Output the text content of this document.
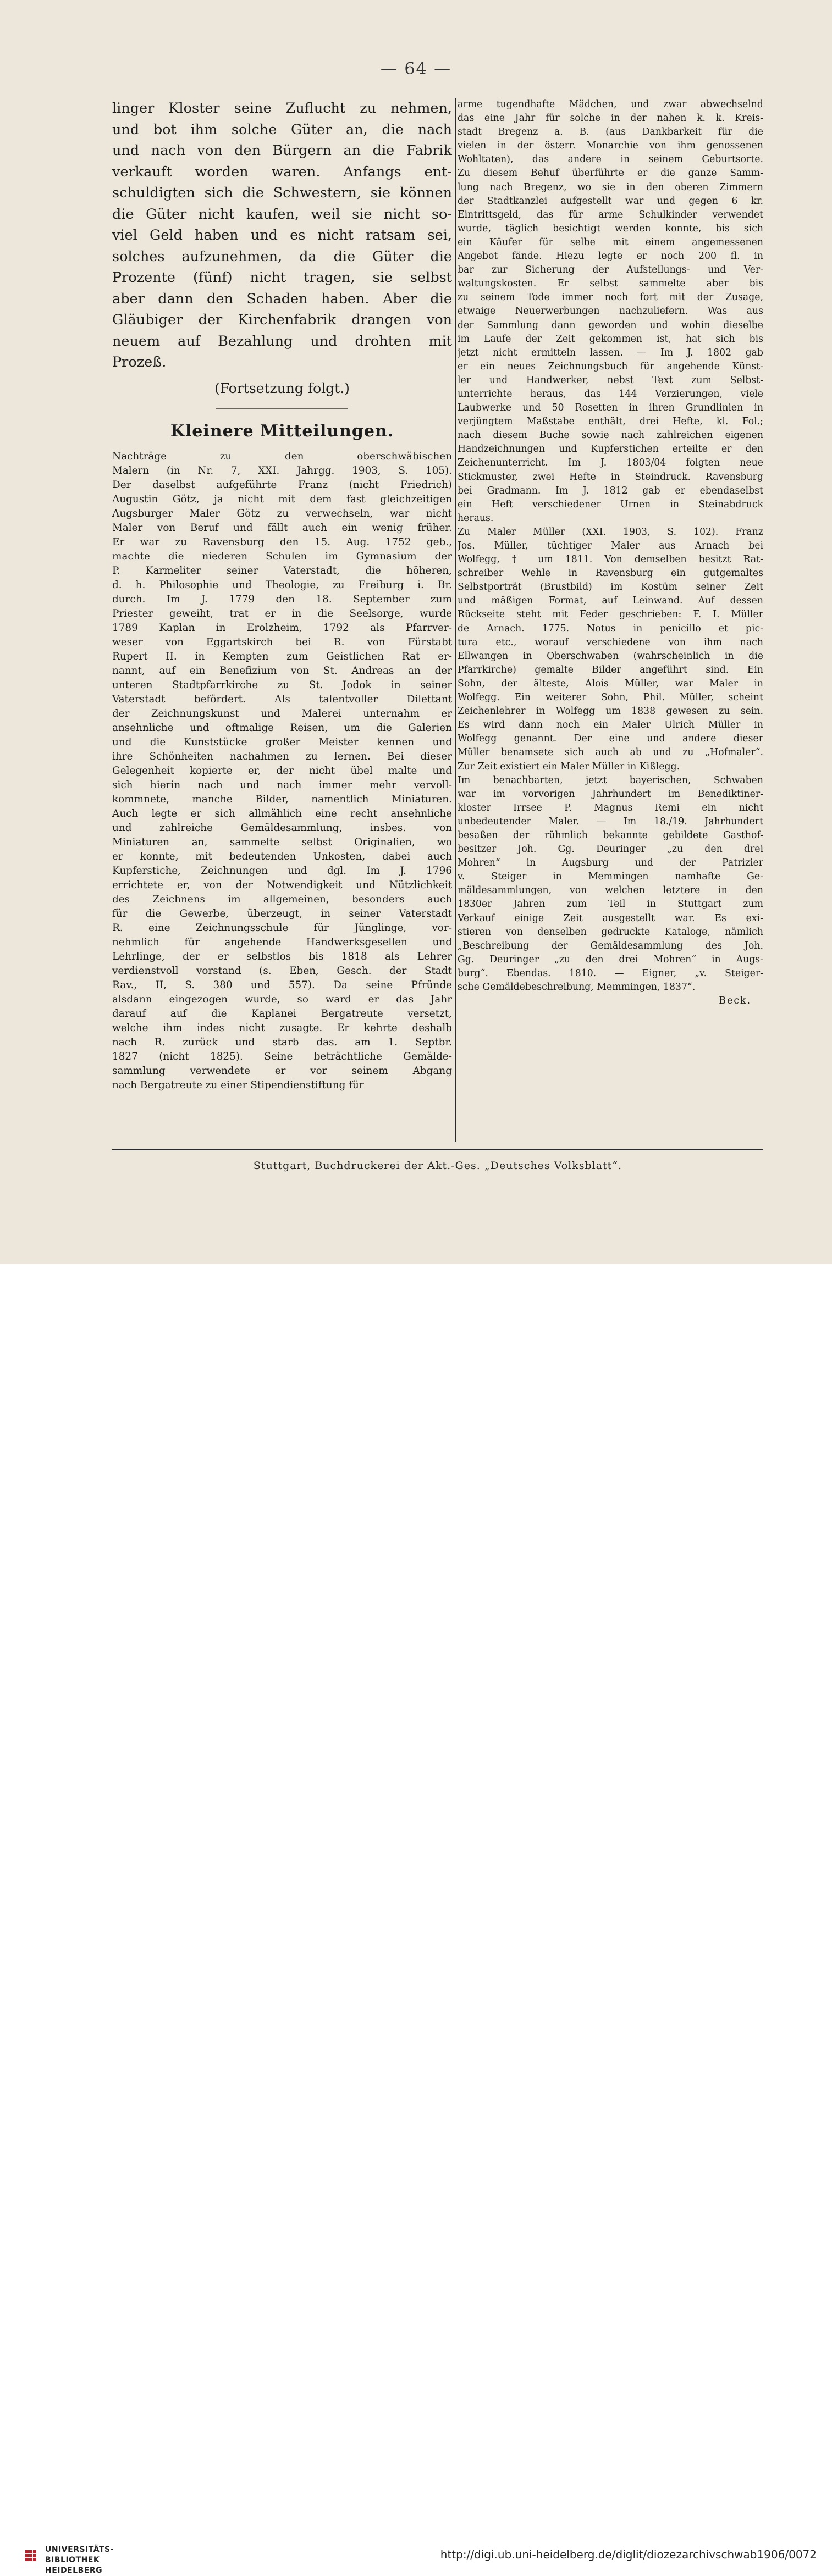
— 64 —
linger Kloster seine Zuflucht zu nehmen,
und bot ihm solche Güter an, die nach
und nach von den Bürgern an die Fabrik
verkauft worden waren. Anfangs ent-
schuldigten sich die Schwestern, sie können
die Güter nicht kaufen, weil sie nicht so-
viel Geld haben und es nicht ratsam sei,
solches aufzunehmen, da die Güter die
Prozente (fünf) nicht tragen, sie selbst
aber dann den Schaden haben. Aber die
Gläubiger der Kirchenfabrik drangen von
neuem auf Bezahlung und drohten mit
Prozeß.
(Fortsetzung folgt.)
Kleinere Mitteilungen.
Nachträge zu den oberschwäbischen
Malern (in Nr. 7, XXI. Jahrgg. 1903, S. 105).
Der daselbst aufgeführte Franz (nicht Friedrich)
Augustin Götz, ja nicht mit dem fast gleichzeitigen
Augsburger Maler Götz zu verwechseln, war nicht
Maler von Beruf und fällt auch ein wenig früher.
Er war zu Ravensburg den 15. Aug. 1752 geb.,
machte die niederen Schulen im Gymnasium der
P. Karmeliter seiner Vaterstadt, die höheren,
d. h. Philosophie und Theologie, zu Freiburg i. Br.
durch. Im J. 1779 den 18. September zum
Priester geweiht, trat er in die Seelsorge, wurde
1789 Kaplan in Erolzheim, 1792 als Pfarrver-
weser von Eggartskirch bei R. von Fürstabt
Rupert II. in Kempten zum Geistlichen Rat er-
nannt, auf ein Benefizium von St. Andreas an der
unteren Stadtpfarrkirche zu St. Jodok in seiner
Vaterstadt befördert. Als talentvoller Dilettant
der Zeichnungskunst und Malerei unternahm er
ansehnliche und oftmalige Reisen, um die Galerien
und die Kunststücke großer Meister kennen und
ihre Schönheiten nachahmen zu lernen. Bei dieser
Gelegenheit kopierte er, der nicht übel malte und
sich hierin nach und nach immer mehr vervoll-
kommnete, manche Bilder, namentlich Miniaturen.
Auch legte er sich allmählich eine recht ansehnliche
und zahlreiche Gemäldesammlung, insbes. von
Miniaturen an, sammelte selbst Originalien, wo
er konnte, mit bedeutenden Unkosten, dabei auch
Kupferstiche, Zeichnungen und dgl. Im J. 1796
errichtete er, von der Notwendigkeit und Nützlichkeit
des Zeichnens im allgemeinen, besonders auch
für die Gewerbe, überzeugt, in seiner Vaterstadt
R. eine Zeichnungsschule für Jünglinge, vor-
nehmlich für angehende Handwerksgesellen und
Lehrlinge, der er selbstlos bis 1818 als Lehrer
verdienstvoll vorstand (s. Eben, Gesch. der Stadt
Rav., II, S. 380 und 557). Da seine Pfründe
alsdann eingezogen wurde, so ward er das Jahr
darauf auf die Kaplanei Bergatreute versetzt,
welche ihm indes nicht zusagte. Er kehrte deshalb
nach R. zurück und starb das. am 1. Septbr.
1827 (nicht 1825). Seine beträchtliche Gemälde-
sammlung verwendete er vor seinem Abgang
nach Bergatreute zu einer Stipendienstiftung für
arme tugendhafte Mädchen, und zwar abwechselnd
das eine Jahr für solche in der nahen k. k. Kreis-
stadt Bregenz a. B. (aus Dankbarkeit für die
vielen in der österr. Monarchie von ihm genossenen
Wohltaten), das andere in seinem Geburtsorte.
Zu diesem Behuf überführte er die ganze Samm-
lung nach Bregenz, wo sie in den oberen Zimmern
der Stadtkanzlei aufgestellt war und gegen 6 kr.
Eintrittsgeld, das für arme Schulkinder verwendet
wurde, täglich besichtigt werden konnte, bis sich
ein Käufer für selbe mit einem angemessenen
Angebot fände. Hiezu legte er noch 200 fl. in
bar zur Sicherung der Aufstellungs- und Ver-
waltungskosten. Er selbst sammelte aber bis
zu seinem Tode immer noch fort mit der Zusage,
etwaige Neuerwerbungen nachzuliefern. Was aus
der Sammlung dann geworden und wohin dieselbe
im Laufe der Zeit gekommen ist, hat sich bis
jetzt nicht ermitteln lassen. — Im J. 1802 gab
er ein neues Zeichnungsbuch für angehende Künst-
ler und Handwerker, nebst Text zum Selbst-
unterrichte heraus, das 144 Verzierungen, viele
Laubwerke und 50 Rosetten in ihren Grundlinien in
verjüngtem Maßstabe enthält, drei Hefte, kl. Fol.;
nach diesem Buche sowie nach zahlreichen eigenen
Handzeichnungen und Kupferstichen erteilte er den
Zeichenunterricht. Im J. 1803/04 folgten neue
Stickmuster, zwei Hefte in Steindruck. Ravensburg
bei Gradmann. Im J. 1812 gab er ebendaselbst
ein Heft verschiedener Urnen in Steinabdruck
heraus.
Zu Maler Müller (XXI. 1903, S. 102). Franz
Jos. Müller, tüchtiger Maler aus Arnach bei
Wolfegg, † um 1811. Von demselben besitzt Rat-
schreiber Wehle in Ravensburg ein gutgemaltes
Selbstporträt (Brustbild) im Kostüm seiner Zeit
und mäßigen Format, auf Leinwand. Auf dessen
Rückseite steht mit Feder geschrieben: F. I. Müller
de Arnach. 1775. Notus in penicillo et pic-
tura etc., worauf verschiedene von ihm nach
Ellwangen in Oberschwaben (wahrscheinlich in die
Pfarrkirche) gemalte Bilder angeführt sind. Ein
Sohn, der älteste, Alois Müller, war Maler in
Wolfegg. Ein weiterer Sohn, Phil. Müller, scheint
Zeichenlehrer in Wolfegg um 1838 gewesen zu sein.
Es wird dann noch ein Maler Ulrich Müller in
Wolfegg genannt. Der eine und andere dieser
Müller benamsete sich auch ab und zu „Hofmaler“.
Zur Zeit existiert ein Maler Müller in Kißlegg.
Im benachbarten, jetzt bayerischen, Schwaben
war im vorvorigen Jahrhundert im Benediktiner-
kloster Irrsee P. Magnus Remi ein nicht
unbedeutender Maler. — Im 18./19. Jahrhundert
besaßen der rühmlich bekannte gebildete Gasthof-
besitzer Joh. Gg. Deuringer „zu den drei
Mohren“ in Augsburg und der Patrizier
v. Steiger in Memmingen namhafte Ge-
mäldesammlungen, von welchen letztere in den
1830er Jahren zum Teil in Stuttgart zum
Verkauf einige Zeit ausgestellt war. Es exi-
stieren von denselben gedruckte Kataloge, nämlich
„Beschreibung der Gemäldesammlung des Joh.
Gg. Deuringer „zu den drei Mohren“ in Augs-
burg“. Ebendas. 1810. — Eigner, „v. Steiger-
sche Gemäldebeschreibung, Memmingen, 1837“.
Beck.
Stuttgart, Buchdruckerei der Akt.-Ges. „Deutsches Volksblatt“.
UNIVERSITÄTS-
BIBLIOTHEK
HEIDELBERG
http://digi.ub.uni-heidelberg.de/diglit/diozezarchivschwab1906/0072
